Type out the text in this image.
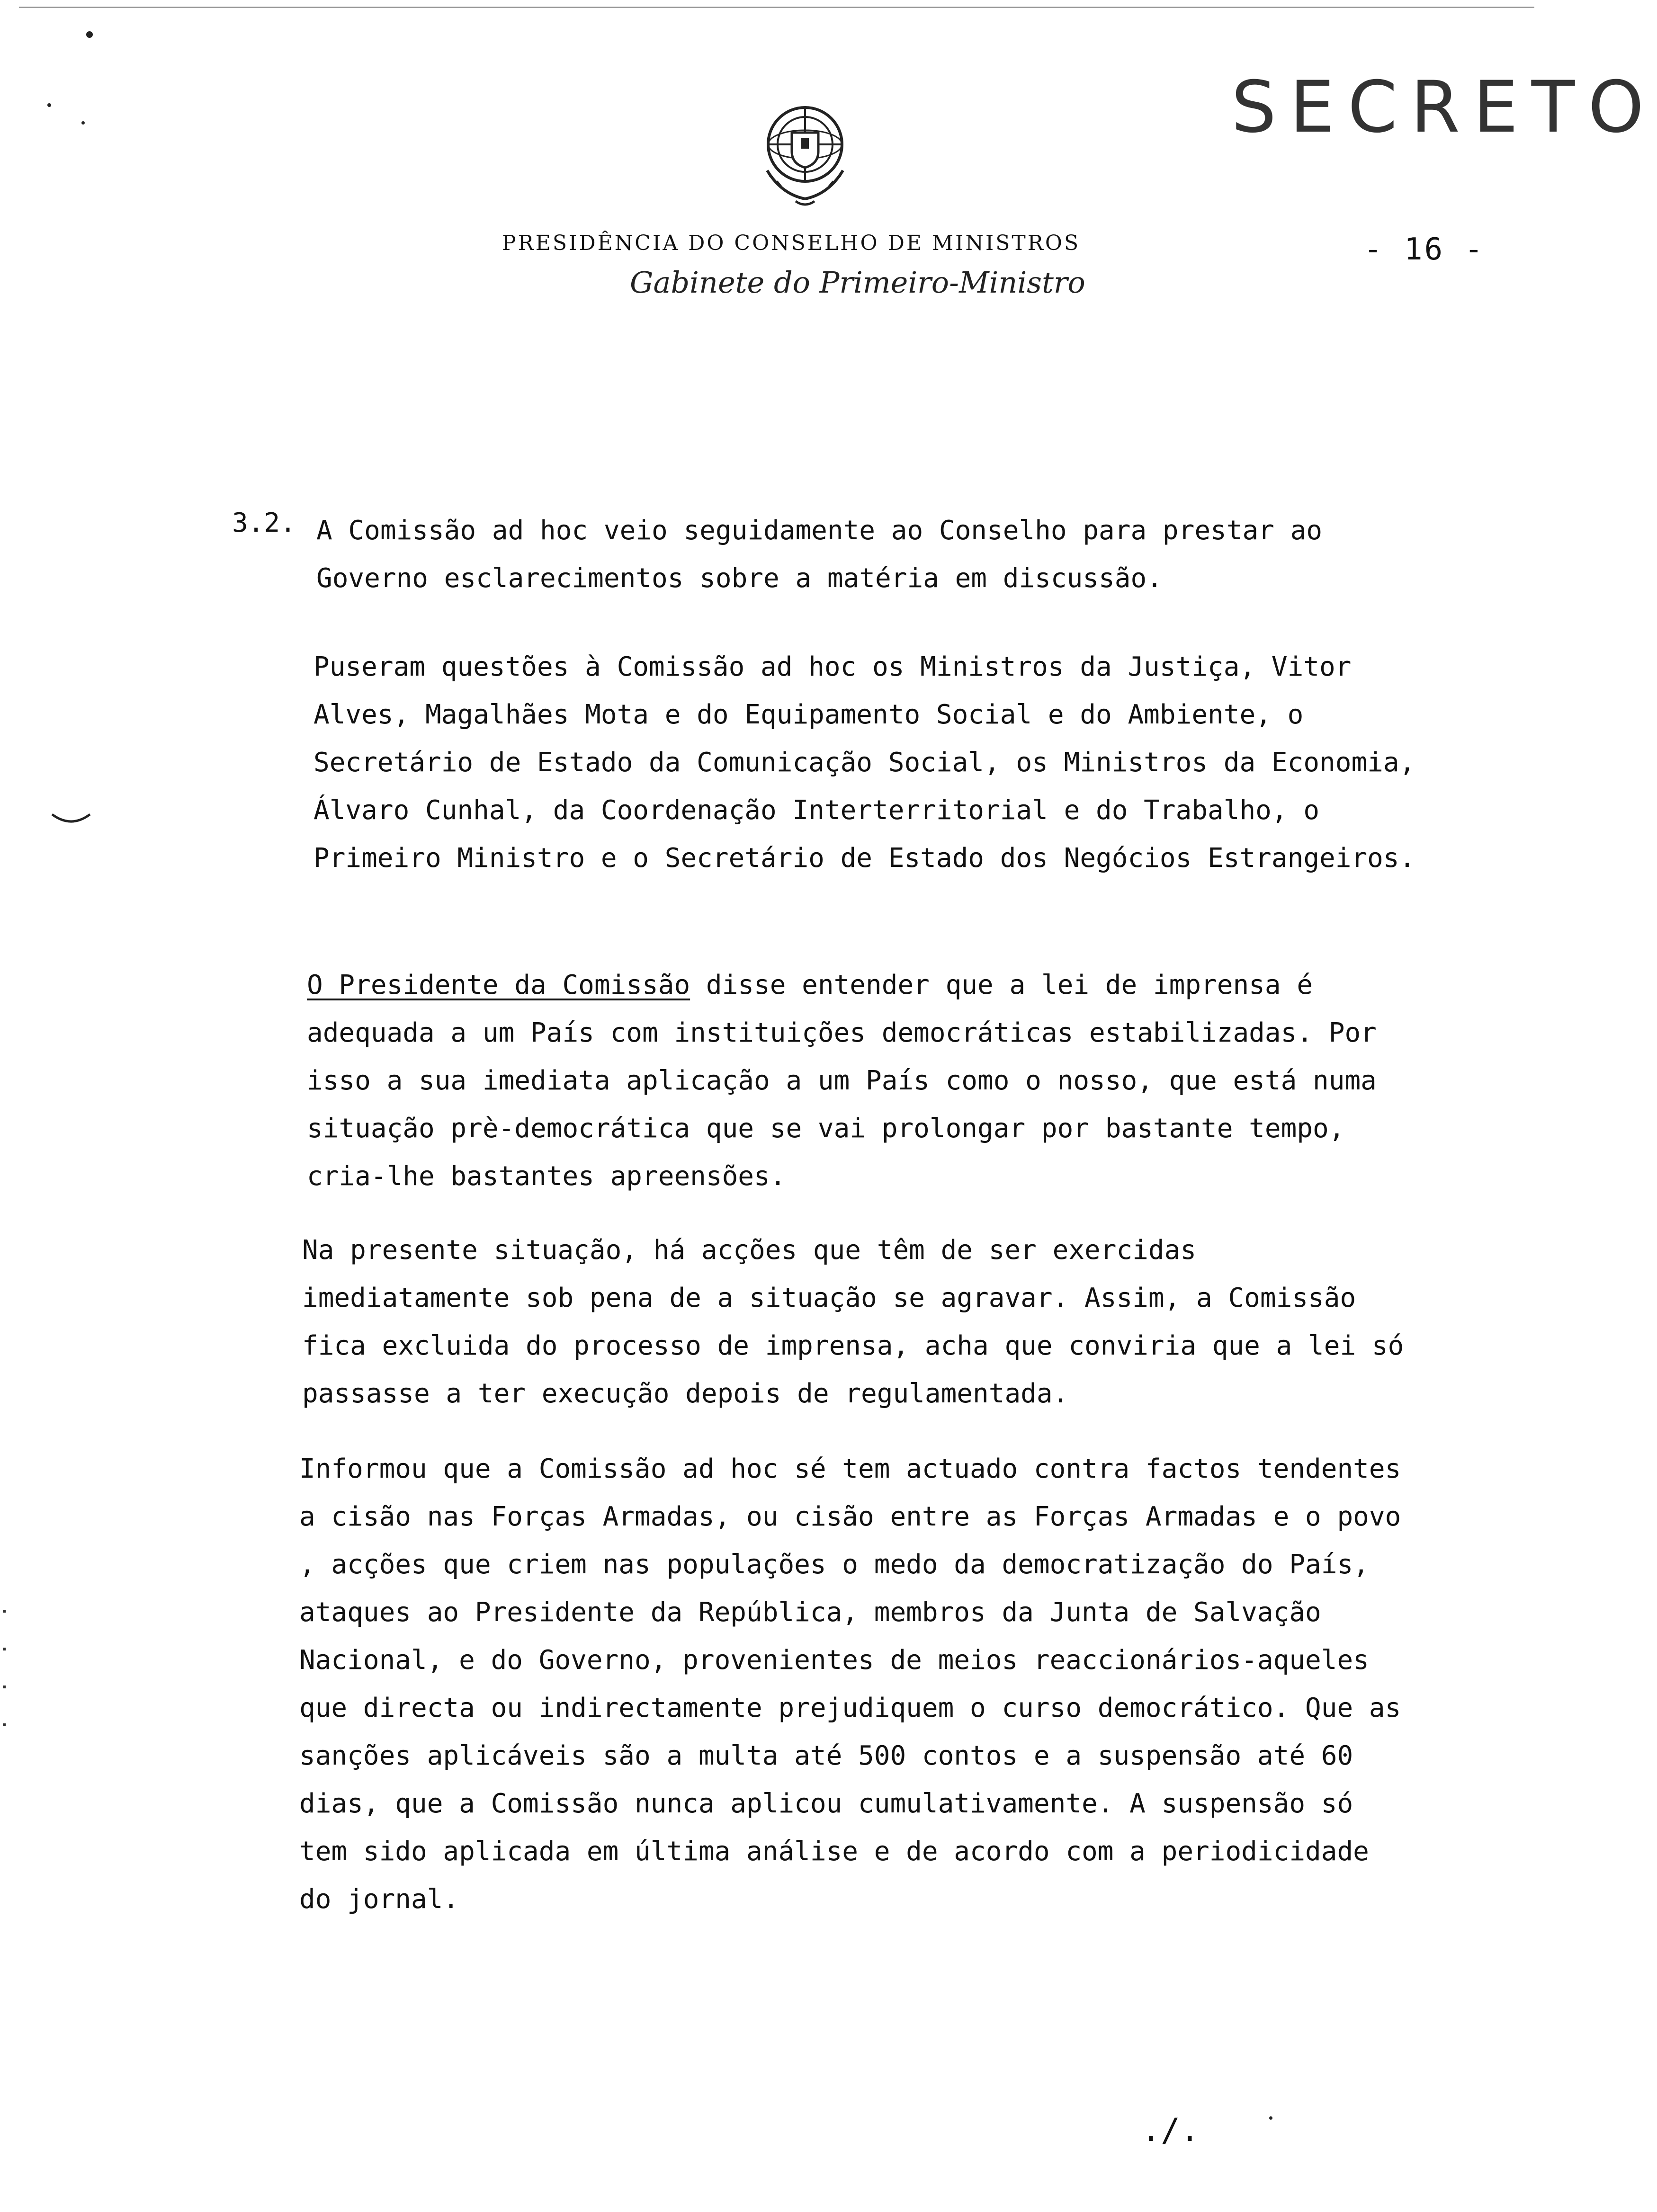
SECRETO
PRESIDÊNCIA DO CONSELHO DE MINISTROS	- 16 -
Gabinete do Primeiro-Ministro
3.2. A Comissão ad hoc veio seguidamente ao Conselho para prestar ao Governo esclarecimentos sobre a matéria em discussão.

Puseram questões à Comissão ad hoc os Ministros da Justiça, Vitor Alves, Magalhães Mota e do Equipamento Social e do Ambiente, o Secretário de Estado da Comunicação Social, os Ministros da Economia, Álvaro Cunhal, da Coordenação Interterritorial e do Trabalho, o Primeiro Ministro e o Secretário de Estado dos Negócios Estrangeiros.

O Presidente da Comissão disse entender que a lei de imprensa é adequada a um País com instituições democráticas estabilizadas. Por isso a sua imediata aplicação a um País como o nosso, que está numa situação prè-democrática que se vai prolongar por bastante tempo, cria-lhe bastantes apreensões.

Na presente situação, há acções que têm de ser exercidas imediatamente sob pena de a situação se agravar. Assim, a Comissão fica excluida do processo de imprensa, acha que conviria que a lei só passasse a ter execução depois de regulamentada.

Informou que a Comissão ad hoc sé tem actuado contra factos tendentes a cisão nas Forças Armadas, ou cisão entre as Forças Armadas e o povo , acções que criem nas populações o medo da democratização do País, ataques ao Presidente da República, membros da Junta de Salvação Nacional, e do Governo, provenientes de meios reaccionários-aqueles que directa ou indirectamente prejudiquem o curso democrático. Que as sanções aplicáveis são a multa até 500 contos e a suspensão até 60 dias, que a Comissão nunca aplicou cumulativamente. A suspensão só tem sido aplicada em última análise e de acordo com a periodicidade do jornal.

./.
